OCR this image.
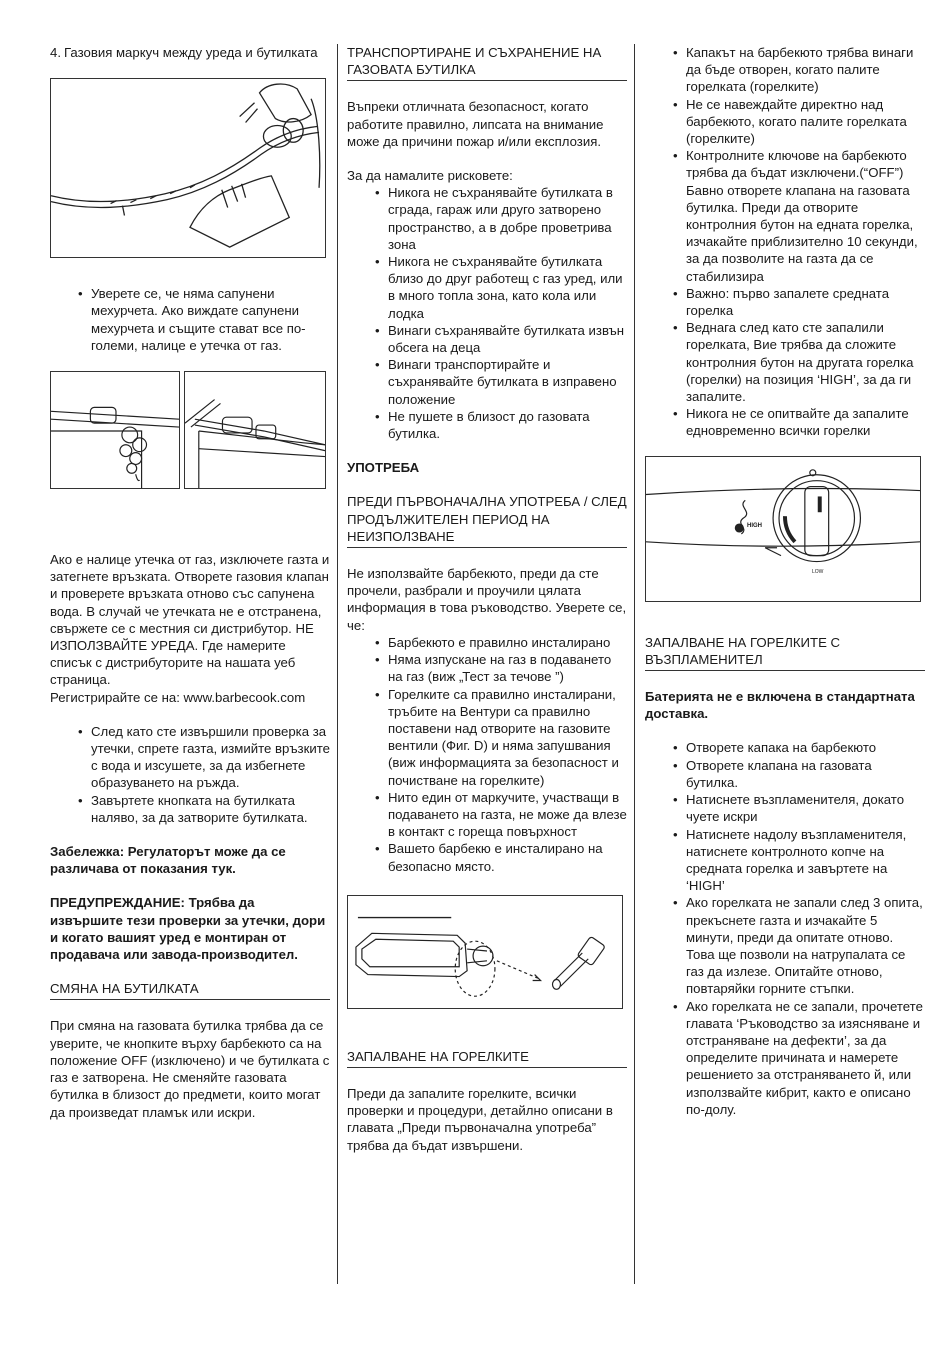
4. Газовия маркуч между уреда и бутилката
• Уверете се, че няма сапунени мехурчета. Ако виждате сапунени мехурчета и същите стават все по-големи, налице е утечка от газ.

Ако е налице утечка от газ, изключете газта и затегнете връзката. Отворете газовия клапан и проверете връзката отново със сапунена вода. В случай че утечката не е отстранена, свържете се с местния си дистрибутор. НЕ ИЗПОЛЗВАЙТЕ УРЕДА. Где намерите списък с дистрибуторите на нашата уеб страница.

Регистрирайте се на: www.barbecook.com

• След като сте извършили проверка за утечки, спрете газта, измийте връзките с вода и изсушете, за да избегнете образуването на ръжда.
• Завъртете кнопката на бутилката наляво, за да затворите бутилката.

Забележка: Регулаторът може да се различава от показания тук.

ПРЕДУПРЕЖДАНИЕ: Трябва да извършите тези проверки за утечки, дори и когато вашият уред е монтиран от продавача или завода-производител.

СМЯНА НА БУТИЛКАТА

При смяна на газовата бутилка трябва да се уверите, че кнопките върху барбекюто са на положение OFF (изключено) и че бутилката с газ е затворена. Не сменяйте газовата бутилка в близост до предмети, които могат да произведат пламък или искри.

ТРАНСПОРТИРАНЕ И СЪХРАНЕНИЕ НА ГАЗОВАТА БУТИЛКА

Въпреки отличната безопасност, когато работите правилно, липсата на внимание може да причини пожар и/или експлозия.

За да намалите рисковете:

• Никога не съхранявайте бутилката в сграда, гараж или друго затворено пространство, а в добре проветрива зона
• Никога не съхранявайте бутилката близо до друг работещ с газ уред, или в много топла зона, като кола или лодка
• Винаги съхранявайте бутилката извън обсега на деца
• Винаги транспортирайте и съхранявайте бутилката в изправено положение
• Не пушете в близост до газовата бутилка.

УПОТРЕБА

ПРЕДИ ПЪРВОНАЧАЛНА УПОТРЕБА / СЛЕД ПРОДЪЛЖИТЕЛЕН ПЕРИОД НА НЕИЗПОЛЗВАНЕ

Не използвайте барбекюто, преди да сте прочели, разбрали и проучили цялата информация в това ръководство. Уверете се, че:

• Барбекюто е правилно инсталирано
• Няма изпускане на газ в подаването на газ (виж „Тест за течове ”)
• Горелките са правилно инсталирани, тръбите на Вентури са правилно поставени над отворите на газовите вентили (Фиг. D) и няма запушвания (виж информацията за безопасност и почистване на горелките)
• Нито един от маркучите, участващи в подаването на газта, не може да влезе в контакт с гореща повърхност
• Вашето барбекю е инсталирано на безопасно място.

ЗАПАЛВАНЕ НА ГОРЕЛКИТЕ

Преди да запалите горелките, всички проверки и процедури, детайлно описани в главата „Преди първоначална употреба” трябва да бъдат извършени.

• Капакът на барбекюто трябва винаги да бъде отворен, когато палите горелката (горелките)
• Не се навеждайте директно над барбекюто, когато палите горелката (горелките)
• Контролните ключове на барбекюто трябва да бъдат изключени.(“OFF”) Бавно отворете клапана на газовата бутилка. Преди да отворите контролния бутон на едната горелка, изчакайте приблизително 10 секунди, за да позволите на газта да се стабилизира
• Важно: първо запалете средната горелка
• Веднага след като сте запалили горелката, Вие трябва да сложите контролния бутон на другата горелка (горелки) на позиция ‘HIGH’, за да ги запалите.
• Никога не се опитвайте да запалите едновременно всички горелки
HIGH
LOW

ЗАПАЛВАНЕ НА ГОРЕЛКИТЕ С ВЪЗПЛАМЕНИТЕЛ

Батерията не е включена в стандартната доставка.

• Отворете капака на барбекюто
• Отворете клапана на газовата бутилка.
• Натиснете възпламенителя, докато чуете искри
• Натиснете надолу възпламенителя, натиснете контролното копче на средната горелка и завъртете на ‘HIGH’
• Ако горелката не запали след 3 опита, прекъснете газта и изчакайте 5 минути, преди да опитате отново. Това ще позволи на натрупалата се газ да излезе. Опитайте отново, повтаряйки горните стъпки.
• Ако горелката не се запали, прочетете главата ‘Ръководство за изясняване и отстраняване на дефекти’, за да определите причината и намерете решението за отстраняването й, или използвайте кибрит, както е описано по-долу.
